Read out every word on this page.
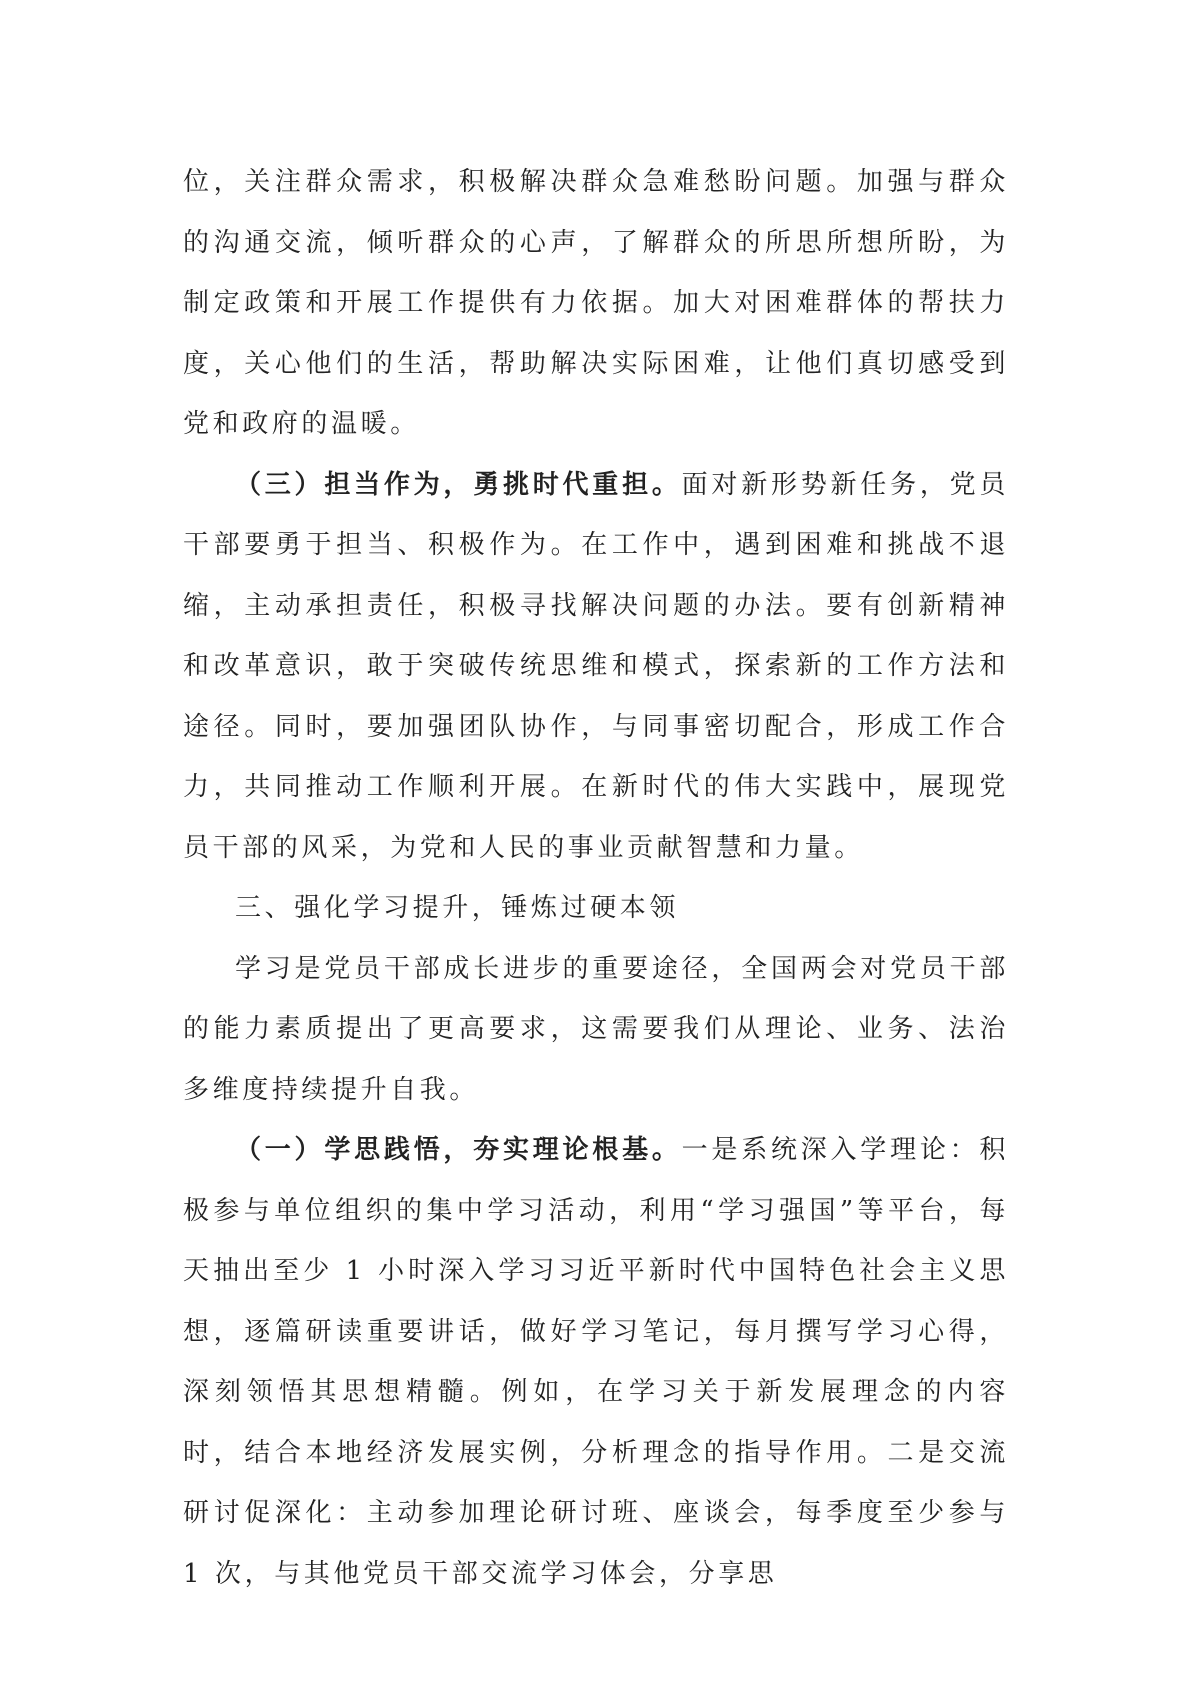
位，关注群众需求，积极解决群众急难愁盼问题。加强与群众的沟通交流，倾听群众的心声，了解群众的所思所想所盼，为制定政策和开展工作提供有力依据。加大对困难群体的帮扶力度，关心他们的生活，帮助解决实际困难，让他们真切感受到党和政府的温暖。

（三）担当作为，勇挑时代重担。面对新形势新任务，党员干部要勇于担当、积极作为。在工作中，遇到困难和挑战不退缩，主动承担责任，积极寻找解决问题的办法。要有创新精神和改革意识，敢于突破传统思维和模式，探索新的工作方法和途径。同时，要加强团队协作，与同事密切配合，形成工作合力，共同推动工作顺利开展。在新时代的伟大实践中，展现党员干部的风采，为党和人民的事业贡献智慧和力量。

三、强化学习提升，锤炼过硬本领

学习是党员干部成长进步的重要途径，全国两会对党员干部的能力素质提出了更高要求，这需要我们从理论、业务、法治多维度持续提升自我。

（一）学思践悟，夯实理论根基。一是系统深入学理论：积极参与单位组织的集中学习活动，利用“学习强国”等平台，每天抽出至少 1 小时深入学习习近平新时代中国特色社会主义思想，逐篇研读重要讲话，做好学习笔记，每月撰写学习心得，深刻领悟其思想精髓。例如，在学习关于新发展理念的内容时，结合本地经济发展实例，分析理念的指导作用。二是交流研讨促深化：主动参加理论研讨班、座谈会，每季度至少参与 1 次，与其他党员干部交流学习体会，分享思
